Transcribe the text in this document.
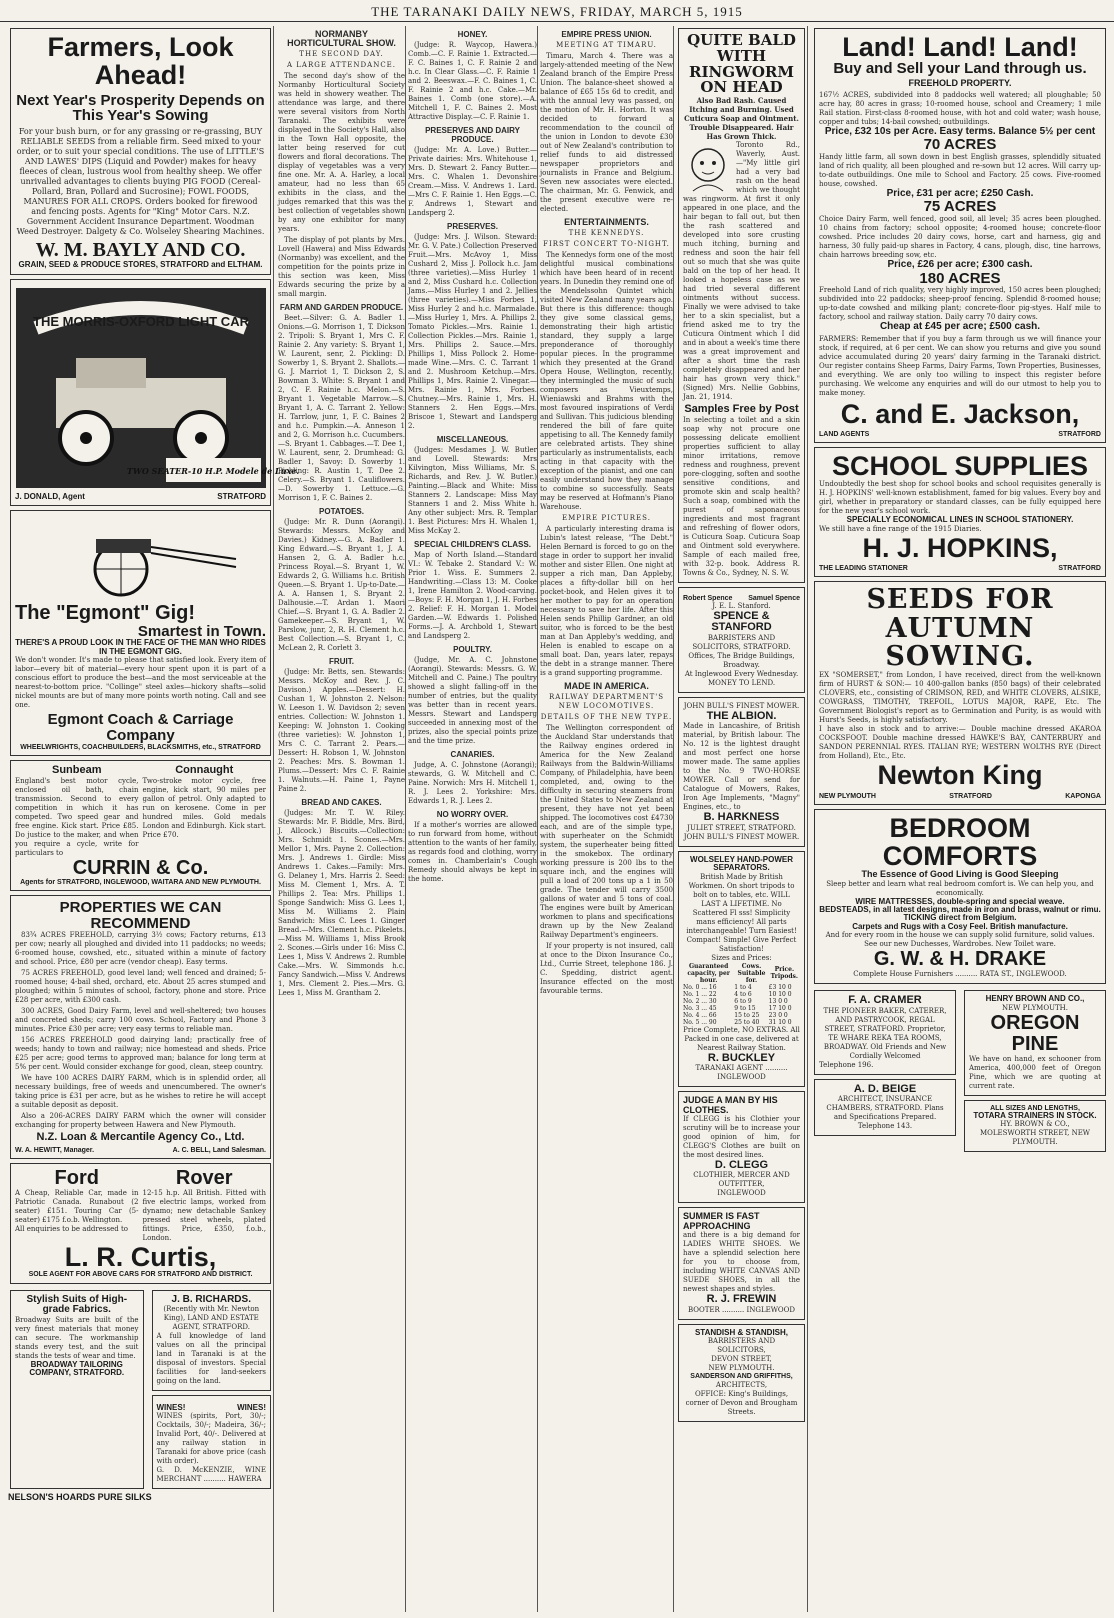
THE TARANAKI DAILY NEWS, FRIDAY, MARCH 5, 1915
Farmers, Look Ahead!
Next Year's Prosperity Depends on This Year's Sowing
For your bush burn, or for any grassing or re-grassing, BUY RELIABLE SEEDS from a reliable firm. Seed mixed to your order, or to suit your special conditions. The use of LITTLE'S AND LAWES' DIPS (Liquid and Powder) makes for heavy fleeces of clean, lustrous wool from healthy sheep. We offer unrivalled advantages to clients buying PIG FOOD (Cereal-Pollard, Bran, Pollard and Sucrosine); FOWL FOODS, MANURES FOR ALL CROPS. Orders booked for firewood and fencing posts. Agents for "King" Motor Cars. N.Z. Government Accident Insurance Department. Woodman Weed Destroyer. Dalgety & Co. Wolseley Shearing Machines.
W. M. BAYLY AND CO.
GRAIN, SEED & PRODUCE STORES, STRATFORD and ELTHAM.
THE MORRIS-OXFORD LIGHT CAR
TWO SEATER-10 H.P. Modele de Luxe.
J. DONALD, Agent	STRATFORD
The "Egmont" Gig!
Smartest in Town.
THERE'S A PROUD LOOK IN THE FACE OF THE MAN WHO RIDES IN THE EGMONT GIG.
We don't wonder. It's made to please that satisfied look. Every item of labor—every bit of material—every hour spent upon it is part of a conscious effort to produce the best—and the most serviceable at the nearest-to-bottom price. "Collinge" steel axles—hickory shafts—solid nickel mounts are but of many more points worth noting. Call and see one.
Egmont Coach & Carriage Company
WHEELWRIGHTS, COACHBUILDERS, BLACKSMITHS, etc., STRATFORD
Sunbeam
England's best motor cycle, enclosed oil bath, chain transmission. Second to every competition in which it has competed. Two speed gear and free engine. Kick start. Price £85. Do justice to the maker, and when you require a cycle, write for particulars to
Connaught
Two-stroke motor cycle, free engine, kick start, 90 miles per gallon of petrol. Only adapted to run on kerosene. Come in per hundred miles. Gold medals London and Edinburgh. Kick start. Price £70.
CURRIN & Co.
Agents for STRATFORD, INGLEWOOD, WAITARA AND NEW PLYMOUTH.
PROPERTIES WE CAN RECOMMEND

83¾ ACRES FREEHOLD, carrying 3½ cows; Factory returns, £13 per cow; nearly all ploughed and divided into 11 paddocks; no weeds; 6-roomed house, cowshed, etc., situated within a minute of factory and school. Price, £80 per acre (vendor cheap). Easy terms.

75 ACRES FREEHOLD, good level land; well fenced and drained; 5-roomed house; 4-bail shed, orchard, etc. About 25 acres stumped and ploughed; within 5 minutes of school, factory, phone and store. Price £28 per acre, with £300 cash.

300 ACRES, Good Dairy Farm, level and well-sheltered; two houses and concreted sheds; carry 100 cows. School, Factory and Phone 3 minutes. Price £30 per acre; very easy terms to reliable man.

156 ACRES FREEHOLD good dairying land; practically free of weeds; handy to town and railway; nice homestead and sheds. Price £25 per acre; good terms to approved man; balance for long term at 5% per cent. Would consider exchange for good, clean, steep country.

We have 100 ACRES DAIRY FARM, which is in splendid order, all necessary buildings, free of weeds and unencumbered. The owner's taking price is £31 per acre, but as he wishes to retire he will accept a suitable deposit as deposit.

Also a 206-ACRES DAIRY FARM which the owner will consider exchanging for property between Hawera and New Plymouth.

N.Z. Loan & Mercantile Agency Co., Ltd.
W. A. HEWITT, Manager.	A. C. BELL, Land Salesman.
Ford
A Cheap, Reliable Car, made in Patriotic Canada. Runabout (2 seater) £151. Touring Car (5-seater) £175 f.o.b. Wellington.
All enquiries to be addressed to
Rover
12-15 h.p. All British. Fitted with five electric lamps, worked from dynamo; new detachable Sankey pressed steel wheels, plated fittings. Price, £350, f.o.b., London.
L. R. Curtis,
SOLE AGENT FOR ABOVE CARS FOR STRATFORD AND DISTRICT.
Stylish Suits of High-grade Fabrics.
Broadway Suits are built of the very finest materials that money can secure. The workmanship stands every test, and the suit stands the tests of wear and time.
BROADWAY TAILORING COMPANY, STRATFORD.
J. B. RICHARDS.
(Recently with Mr. Newton King), LAND AND ESTATE AGENT, STRATFORD.
A full knowledge of land values on all the principal land in Taranaki is at the disposal of investors. Special facilities for land-seekers going on the land.
WINES!	WINES!
WINES (spirits, Port, 30/-; Cocktails, 30/-; Madeira, 36/-; Invalid Port, 40/-. Delivered at any railway station in Taranaki for above price (cash with order).
G. D. McKENZIE, WINE MERCHANT .......... HAWERA
NELSON'S HOARDS PURE SILKS
NORMANBY HORTICULTURAL SHOW.
THE SECOND DAY.
A LARGE ATTENDANCE.

The second day's show of the Normanby Horticultural Society was held in showery weather. The attendance was large, and there were several visitors from North Taranaki. The exhibits were displayed in the Society's Hall, also in the Town Hall opposite, the latter being reserved for cut flowers and floral decorations. The display of vegetables was a very fine one. Mr. A. A. Harley, a local amateur, had no less than 65 exhibits in the class, and the judges remarked that this was the best collection of vegetables shown by any one exhibitor for many years.

The display of pot plants by Mrs. Lovell (Hawera) and Miss Edwards (Normanby) was excellent, and the competition for the points prize in this section was keen, Miss Edwards securing the prize by a small margin.

FARM AND GARDEN PRODUCE.

Beet.—Silver: G. A. Badler 1. Onions.—G. Morrison 1, T. Dickson 2. Tripoli: S. Bryant 1, Mrs C. F. Rainie 2. Any variety: S. Bryant 1, W. Laurent, senr, 2. Pickling: D. Sowerby 1, S. Bryant 2. Shallots.—G. J. Marriot 1, T. Dickson 2, S. Bowman 3. White: S. Bryant 1 and 2, C. F. Rainie h.c. Melon.—S. Bryant 1. Vegetable Marrow.—S. Bryant 1, A. C. Tarrant 2. Yellow: H. Tarrlow, junr, 1, F. C. Baines 2 and h.c. Pumpkin.—A. Anneson 1 and 2, G. Morrison h.c. Cucumbers.—S. Bryant 1. Cabbages.—T. Dee 1, W. Laurent, senr, 2. Drumhead: G. Badler 1, Savoy: D. Sowerby 1. Pickling: R. Austin 1, T. Dee 2. Celery.—S. Bryant 1. Cauliflowers.—D. Sowerby 1. Lettuce.—G. Morrison 1, F. C. Baines 2.

POTATOES.

(Judge: Mr. R. Dunn (Aorangi). Stewards: Messrs. McKoy and Davies.) Kidney.—G. A. Badler 1. King Edward.—S. Bryant 1, J. A. Hansen 2, G. A. Badler h.c. Princess Royal.—S. Bryant 1, W. Edwards 2, G. Williams h.c. British Queen.—S. Bryant 1. Up-to-Date.—A. A. Hansen 1, S. Bryant 2. Dalhousie.—T. Ardan 1. Maori Chief.—S. Bryant 1, G. A. Badler 2. Gamekeeper.—S. Bryant 1, W. Parslow, junr, 2, R. H. Clement h.c. Best Collection.—S. Bryant 1, C. McLean 2, R. Corlett 3.

FRUIT.

(Judge: Mr. Betts, sen. Stewards: Messrs. McKoy and Rev. J. C. Davison.) Apples.—Dessert: H. Cushan 1, W. Johnston 2. Nelson: W. Leeson 1. W. Davidson 2; seven entries. Collection: W. Johnston 1. Keeping: W. Johnston 1. Cooking (three varieties): W. Johnston 1, Mrs C. C. Tarrant 2. Pears.—Dessert: H. Robson 1, W. Johnston 2. Peaches: Mrs. S. Bowman 1. Plums.—Dessert: Mrs C. F. Rainie 1. Walnuts.—H. Paine 1, Payne Paine 2.

BREAD AND CAKES.

(Judges: Mr. T. W. Riley. Stewards: Mr. F. Biddle, Mrs. Bird, J. Allcock.) Biscuits.—Collection: Mrs. Schmidt 1. Scones.—Mrs. Mellor 1, Mrs. Payne 2. Collection: Mrs. J. Andrews 1. Girdle: Miss Andrews 1. Cakes.—Family: Mrs. G. Delaney 1, Mrs. Harris 2. Seed: Miss M. Clement 1, Mrs. A. T. Phillips 2. Tea: Mrs. Phillips 1. Sponge Sandwich: Miss G. Lees 1, Miss M. Williams 2. Plain Sandwich: Miss C. Lees 1. Ginger Bread.—Mrs. Clement h.c. Pikelets.—Miss M. Williams 1, Miss Brook 2. Scones.—Girls under 16: Miss C. Lees 1, Miss V. Andrews 2. Rumble Cake.—Mrs. W. Simmonds h.c. Fancy Sandwich.—Miss V. Andrews 1, Mrs. Clement 2. Pies.—Mrs. G. Lees 1, Miss M. Grantham 2.

HONEY.

(Judge: R. Waycop, Hawera.) Comb.—C. F. Rainie 1. Extracted.—F. C. Baines 1, C. F. Rainie 2 and h.c. In Clear Glass.—C. F. Rainie 1 and 2. Beeswax.—F. C. Baines 1, C. F. Rainie 2 and h.c. Cake.—Mr. Baines 1. Comb (one store).—A. Mitchell 1, F. C. Baines 2. Most Attractive Display.—C. F. Rainie 1.

PRESERVES AND DAIRY PRODUCE.

(Judge: Mr. A. Love.) Butter.—Private dairies: Mrs. Whitehouse 1, Mrs. D. Stewart 2. Fancy Butter.—Mrs. C. Whalen 1. Devonshire Cream.—Miss. V. Andrews 1. Lard.—Mrs C. F. Rainie 1. Hen Eggs.—C. F. Andrews 1, Stewart and Landsperg 2.

PRESERVES.

(Judge: Mrs. J. Wilson. Steward: Mr. G. V. Pate.) Collection Preserved Fruit.—Mrs. McAvoy 1, Miss Cushard 2, Miss J. Pollock h.c. Jam (three varieties).—Miss Hurley 1 and 2, Miss Cushard h.c. Collection Jams.—Miss Hurley 1 and 2. Jellies (three varieties).—Miss Forbes 1, Miss Hurley 2 and h.c. Marmalade.—Miss Hurley 1, Mrs. A. Phillips 2. Tomato Pickles.—Mrs. Rainie 1. Collection Pickles.—Mrs. Rainie 1, Mrs. Phillips 2. Sauce.—Mrs. Phillips 1, Miss Pollock 2. Home-made Wine.—Mrs. C. C. Tarrant 1 and 2. Mushroom Ketchup.—Mrs. Phillips 1, Mrs. Rainie 2. Vinegar.—Mrs. Rainie 1, Mrs. Forbes. Chutney.—Mrs. Rainie 1, Mrs. H. Stanners 2. Hen Eggs.—Mrs. Briscoe 1, Stewart and Landsperg 2.

MISCELLANEOUS.

(Judges: Mesdames J. W. Butler and Lovell. Stewards: Mrs Kilvington, Miss Williams, Mr. S. Richards, and Rev. J. W. Butler.) Painting.—Black and White: Miss Stanners 2. Landscape: Miss May Stanners 1 and 2. Miss White h. Any other subject: Mrs. R. Templar 1. Best Pictures: Mrs H. Whalen 1, Miss McKay 2.

SPECIAL CHILDREN'S CLASS.

Map of North Island.—Standard VI.: W. Tebake 2. Standard V.: W. Prior 1. Wiss. E. Summers 2. Handwriting.—Class 13: M. Cooke 1, Irene Hamilton 2. Wood-carving.—Boys: F. H. Morgan 1, J. H. Forbes 2. Relief: F. H. Morgan 1. Model Garden.—W. Edwards 1. Polished Forms.—J. A. Archbold 1, Stewart and Landsperg 2.

POULTRY.

(Judge, Mr. A. C. Johnstone (Aorangi). Stewards: Messrs. G. W. Mitchell and C. Paine.) The poultry showed a slight falling-off in the number of entries, but the quality was better than in recent years. Messrs. Stewart and Landsperg succeeded in annexing most of the prizes, also the special points prize and the time prize.

CANARIES.

Judge, A. C. Johnstone (Aorangi); stewards, G. W. Mitchell and C. Paine. Norwich: Mrs H. Mitchell 1, R. J. Lees 2. Yorkshire: Mrs. Edwards 1, R. J. Lees 2.

NO WORRY OVER.

If a mother's worries are allowed to run forward from home, without attention to the wants of her family, as regards food and clothing, worry comes in. Chamberlain's Cough Remedy should always be kept in the home.

EMPIRE PRESS UNION.
MEETING AT TIMARU.

Timaru, March 4. There was a largely-attended meeting of the New Zealand branch of the Empire Press Union. The balance-sheet showed a balance of £65 15s 6d to credit, and with the annual levy was passed, on the motion of Mr. H. Horton. It was decided to forward a recommendation to the council of the union in London to devote £30 out of New Zealand's contribution to relief funds to aid distressed newspaper proprietors and journalists in France and Belgium. Seven new associates were elected. The chairman, Mr. G. Fenwick, and the present executive were re-elected.

ENTERTAINMENTS.
THE KENNEDYS.
FIRST CONCERT TO-NIGHT.

The Kennedys form one of the most delightful musical combinations which have been heard of in recent years. In Dunedin they remind one of the Mendelssohn Quintet which visited New Zealand many years ago. But there is this difference: though they give some classical gems, demonstrating their high artistic standard, they supply a large preponderance of thoroughly popular pieces. In the programme which they presented at the Grand Opera House, Wellington, recently, they intermingled the music of such composers as Vieuxtemps, Wieniawski and Brahms with the most favoured inspirations of Verdi and Sullivan. This judicious blending rendered the bill of fare quite appetising to all. The Kennedy family are celebrated artists. They shine particularly as instrumentalists, each acting in that capacity with the exception of the pianist, and one can easily understand how they manage to combine so successfully. Seats may be reserved at Hofmann's Piano Warehouse.

EMPIRE PICTURES.

A particularly interesting drama is Lubin's latest release, "The Debt." Helen Bernard is forced to go on the stage in order to support her invalid mother and sister Ellen. One night at supper a rich man, Dan Appleby, places a fifty-dollar bill on her pocket-book, and Helen gives it to her mother to pay for an operation necessary to save her life. After this Helen sends Phillip Gardner, an old suitor, who is forced to be the best man at Dan Appleby's wedding, and Helen is enabled to escape on a small boat. Dan, years later, repays the debt in a strange manner. There is a grand supporting programme.

MADE IN AMERICA.
RAILWAY DEPARTMENT'S NEW LOCOMOTIVES.
DETAILS OF THE NEW TYPE.

The Wellington correspondent of the Auckland Star understands that the Railway engines ordered in America for the New Zealand Railways from the Baldwin-Williams Company, of Philadelphia, have been completed, and, owing to the difficulty in securing steamers from the United States to New Zealand at present, they have not yet been shipped. The locomotives cost £4730 each, and are of the simple type, with superheater on the Schmidt system, the superheater being fitted in the smokebox. The ordinary working pressure is 200 lbs to the square inch, and the engines will pull a load of 200 tons up a 1 in 50 grade. The tender will carry 3500 gallons of water and 5 tons of coal. The engines were built by American workmen to plans and specifications drawn up by the New Zealand Railway Department's engineers.

If your property is not insured, call at once to the Dixon Insurance Co., Ltd., Currie Street, telephone 186. J. C. Spedding, district agent. Insurance effected on the most favourable terms.

QUITE BALD WITH RINGWORM ON HEAD
Also Bad Rash. Caused Itching and Burning. Used Cuticura Soap and Ointment. Trouble Disappeared. Hair Has Grown Thick.
Toronto Rd., Waverly, Aust.—"My little girl had a very bad rash on the head which we thought was ringworm. At first it only appeared in one place, and the hair began to fall out, but then the rash scattered and developed into sore crusting much itching, burning and redness and soon the hair fell out so much that she was quite bald on the top of her head. It looked a hopeless case as we had tried several different ointments without success. Finally we were advised to take her to a skin specialist, but a friend asked me to try the Cuticura Ointment which I did and in about a week's time there was a great improvement and after a short time the rash completely disappeared and her hair has grown very thick." (Signed) Mrs. Nellie Gobbins, Jan. 21, 1914.
Samples Free by Post
In selecting a toilet and a skin soap why not procure one possessing delicate emollient properties sufficient to allay minor irritations, remove redness and roughness, prevent pore-clogging, soften and soothe sensitive conditions, and promote skin and scalp health? Such a soap, combined with the purest of saponaceous ingredients and most fragrant and refreshing of flower odors, is Cuticura Soap. Cuticura Soap and Ointment sold everywhere. Sample of each mailed free, with 32-p. book. Address R. Towns & Co., Sydney, N. S. W.
Robert Spence Samuel Spence
J. E. L. Stanford.
SPENCE & STANFORD
BARRISTERS AND SOLICITORS, STRATFORD.
Offices, The Bridge Buildings, Broadway.
At Inglewood Every Wednesday.
MONEY TO LEND.
JOHN BULL'S FINEST MOWER.
THE ALBION.
Made in Lancashire, of British material, by British labour. The No. 12 is the lightest draught and most perfect one horse mower made. The same applies to the No. 9 TWO-HORSE MOWER. Call or send for Catalogue of Mowers, Rakes, Iron Age Implements, "Magny" Engines, etc., to
B. HARKNESS
JULIET STREET, STRATFORD.
JOHN BULL'S FINEST MOWER.
WOLSELEY HAND-POWER SEPARATORS.
British Made by British Workmen. On short tripods to bolt on to tables, etc. WILL LAST A LIFETIME. No Scattered Fl sss! Simplicity mans efficiency! All parts interchangeable! Turn Easiest! Compact! Simple! Give Perfect Satisfaction!
Sizes and Prices:
Guaranteed capacity, per hour.	Cows. Suitable for.	Price. Tripods.
No. 0 ... 16	1 to 4	£3 10 0
No. 1 ... 22	4 to 6	10 10 0
No. 2 ... 30	6 to 9	13 0 0
No. 3 ... 45	9 to 15	17 10 0
No. 4 ... 66	15 to 25	23 0 0
No. 5 ... 90	25 to 40	31 10 0
Price Complete, NO EXTRAS. All Packed in one case, delivered at Nearest Railway Station.
R. BUCKLEY
TARANAKI AGENT .......... INGLEWOOD
JUDGE A MAN BY HIS CLOTHES.
If CLEGG is his Clothier your scrutiny will be to increase your good opinion of him, for CLEGG'S Clothes are built on the most desired lines.
D. CLEGG
CLOTHIER, MERCER AND OUTFITTER,
INGLEWOOD
SUMMER IS FAST APPROACHING
and there is a big demand for LADIES WHITE SHOES. We have a splendid selection here for you to choose from, including WHITE CANVAS AND SUEDE SHOES, in all the newest shapes and styles.
R. J. FREWIN
BOOTER .......... INGLEWOOD
STANDISH & STANDISH,
BARRISTERS AND SOLICITORS,
DEVON STREET,
NEW PLYMOUTH.
SANDERSON AND GRIFFITHS,
ARCHITECTS,
OFFICE: King's Buildings, corner of Devon and Brougham Streets.
Land! Land! Land!
Buy and Sell your Land through us.
FREEHOLD PROPERTY.
167½ ACRES, subdivided into 8 paddocks well watered; all ploughable; 50 acre hay, 80 acres in grass; 10-roomed house, school and Creamery; 1 mile Rail station. First-class 8-roomed house, with hot and cold water; wash house, copper and tubs; 14-bail cowshed; outbuildings.
Price, £32 10s per Acre. Easy terms. Balance 5½ per cent
70 ACRES
Handy little farm, all sown down in best English grasses, splendidly situated land of rich quality, all been ploughed and re-sown but 12 acres. Will carry up-to-date outbuildings. One mile to School and Factory. 25 cows. Five-roomed house, cowshed.
Price, £31 per acre; £250 Cash.
75 ACRES
Choice Dairy Farm, well fenced, good soil, all level; 35 acres been ploughed. 10 chains from factory; school opposite; 4-roomed house; concrete-floor cowshed. Price includes 20 dairy cows, horse, cart and harness, gig and harness, 30 fully paid-up shares in Factory, 4 cans, plough, disc, tine harrows, chain harrows breeding sow, etc.
Price, £26 per acre; £300 cash.
180 ACRES
Freehold Land of rich quality, very highly improved, 150 acres been ploughed; subdivided into 22 paddocks; sheep-proof fencing. Splendid 8-roomed house; up-to-date cowshed and milking plant; concrete-floor pig-styes. Half mile to factory, school and railway station. Daily carry 70 dairy cows.
Cheap at £45 per acre; £500 cash.
FARMERS: Remember that if you buy a farm through us we will finance your stock, if required, at 6 per cent. We can show you returns and give you sound advice accumulated during 20 years' dairy farming in the Taranaki district. Our register contains Sheep Farms, Dairy Farms, Town Properties, Businesses, and everything. We are only too willing to inspect this register before purchasing. We welcome any enquiries and will do our utmost to help you to make money.
C. and E. Jackson,
LAND AGENTS	STRATFORD
SCHOOL SUPPLIES
Undoubtedly the best shop for school books and school requisites generally is H. J. HOPKINS' well-known establishment, famed for big values. Every boy and girl, whether in preparatory or standard classes, can be fully equipped here for the new year's school work.
SPECIALLY ECONOMICAL LINES IN SCHOOL STATIONERY.
We still have a fine range of the 1915 Diaries.
H. J. HOPKINS,
THE LEADING STATIONER	STRATFORD
SEEDS FOR AUTUMN SOWING.
EX "SOMERSET," from London, I have received, direct from the well-known firm of HURST & SON:— 10 400-gallon banks (850 bags) of their celebrated CLOVERS, etc., consisting of CRIMSON, RED, and WHITE CLOVERS, ALSIKE, COWGRASS, TIMOTHY, TREFOIL, LOTUS MAJOR, RAPE, Etc. The Government Biologist's report as to Germination and Purity, is as would with Hurst's Seeds, is highly satisfactory.
I have also in stock and to arrive:— Double machine dressed AKAROA COCKSFOOT. Double machine dressed HAWKE'S BAY, CANTERBURY and SANDON PERENNIAL RYES. ITALIAN RYE; WESTERN WOLTHS RYE (Direct from Holland), Etc., Etc.
Newton King
NEW PLYMOUTH	STRATFORD	KAPONGA
BEDROOM COMFORTS
The Essence of Good Living is Good Sleeping
Sleep better and learn what real bedroom comfort is. We can help you, and economically.
WIRE MATTRESSES, double-spring and special weave.
BEDSTEADS, in all latest designs, made in iron and brass, walnut or rimu. TICKING direct from Belgium.
Carpets and Rugs with a Cosy Feel. British manufacture.
And for every room in the house we can supply solid furniture, solid values. See our new Duchesses, Wardrobes. New Toilet ware.
G. W. & H. DRAKE
Complete House Furnishers .......... RATA ST., INGLEWOOD.
F. A. CRAMER
THE PIONEER BAKER, CATERER, AND PASTRYCOOK, REGAL STREET, STRATFORD. Proprietor, TE WHARE REKA TEA ROOMS, BROADWAY. Old Friends and New Cordially Welcomed
Telephone 196.
A. D. BEIGE
ARCHITECT, INSURANCE CHAMBERS, STRATFORD. Plans and Specifications Prepared. Telephone 143.
HENRY BROWN AND CO.,
NEW PLYMOUTH.
OREGON PINE
We have on hand, ex schooner from America, 400,000 feet of Oregon Pine, which we are quoting at current rate.
ALL SIZES AND LENGTHS,
TOTARA STRAINERS IN STOCK.
HY. BROWN & CO.,
MOLESWORTH STREET, NEW PLYMOUTH.
